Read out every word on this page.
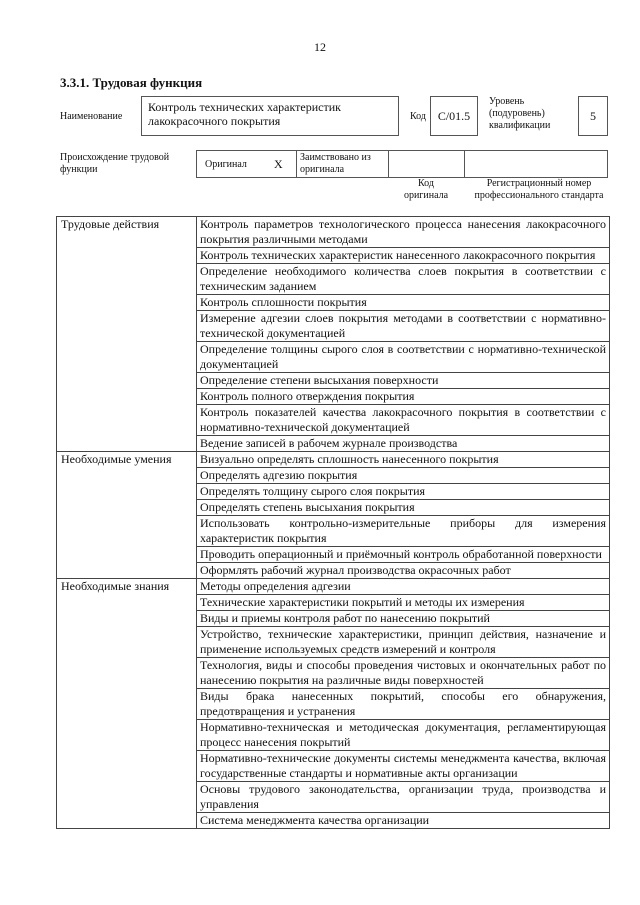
12
3.3.1. Трудовая функция
Наименование
Контроль технических характеристик лакокрасочного покрытия	Код C/01.5
Уровень (подуровень) квалификации
5
Происхождение трудовой функции	Оригинал X Заимствовано из оригинала
Код оригинала
Регистрационный номер профессионального стандарта
Трудовые действия	Контроль параметров технологического процесса нанесения лакокрасочного покрытия различными методами
	Контроль технических характеристик нанесенного лакокрасочного покрытия
	Определение необходимого количества слоев покрытия в соответствии с техническим заданием
	Контроль сплошности покрытия
	Измерение адгезии слоев покрытия методами в соответствии с нормативно-технической документацией
	Определение толщины сырого слоя в соответствии с нормативно-технической документацией
	Определение степени высыхания поверхности
	Контроль полного отверждения покрытия
	Контроль показателей качества лакокрасочного покрытия в соответствии с нормативно-технической документацией
	Ведение записей в рабочем журнале производства
Необходимые умения	Визуально определять сплошность нанесенного покрытия
	Определять адгезию покрытия
	Определять толщину сырого слоя покрытия
	Определять степень высыхания покрытия
	Использовать контрольно-измерительные приборы для измерения характеристик покрытия
	Проводить операционный и приёмочный контроль обработанной поверхности
	Оформлять рабочий журнал производства окрасочных работ
Необходимые знания	Методы определения адгезии
	Технические характеристики покрытий и методы их измерения
	Виды и приемы контроля работ по нанесению покрытий
	Устройство, технические характеристики, принцип действия, назначение и применение используемых средств измерений и контроля
	Технология, виды и способы проведения чистовых и окончательных работ по нанесению покрытия на различные виды поверхностей
	Виды брака нанесенных покрытий, способы его обнаружения, предотвращения и устранения
	Нормативно-техническая и методическая документация, регламентирующая процесс нанесения покрытий
	Нормативно-технические документы системы менеджмента качества, включая государственные стандарты и нормативные акты организации
	Основы трудового законодательства, организации труда, производства и управления
	Система менеджмента качества организации
